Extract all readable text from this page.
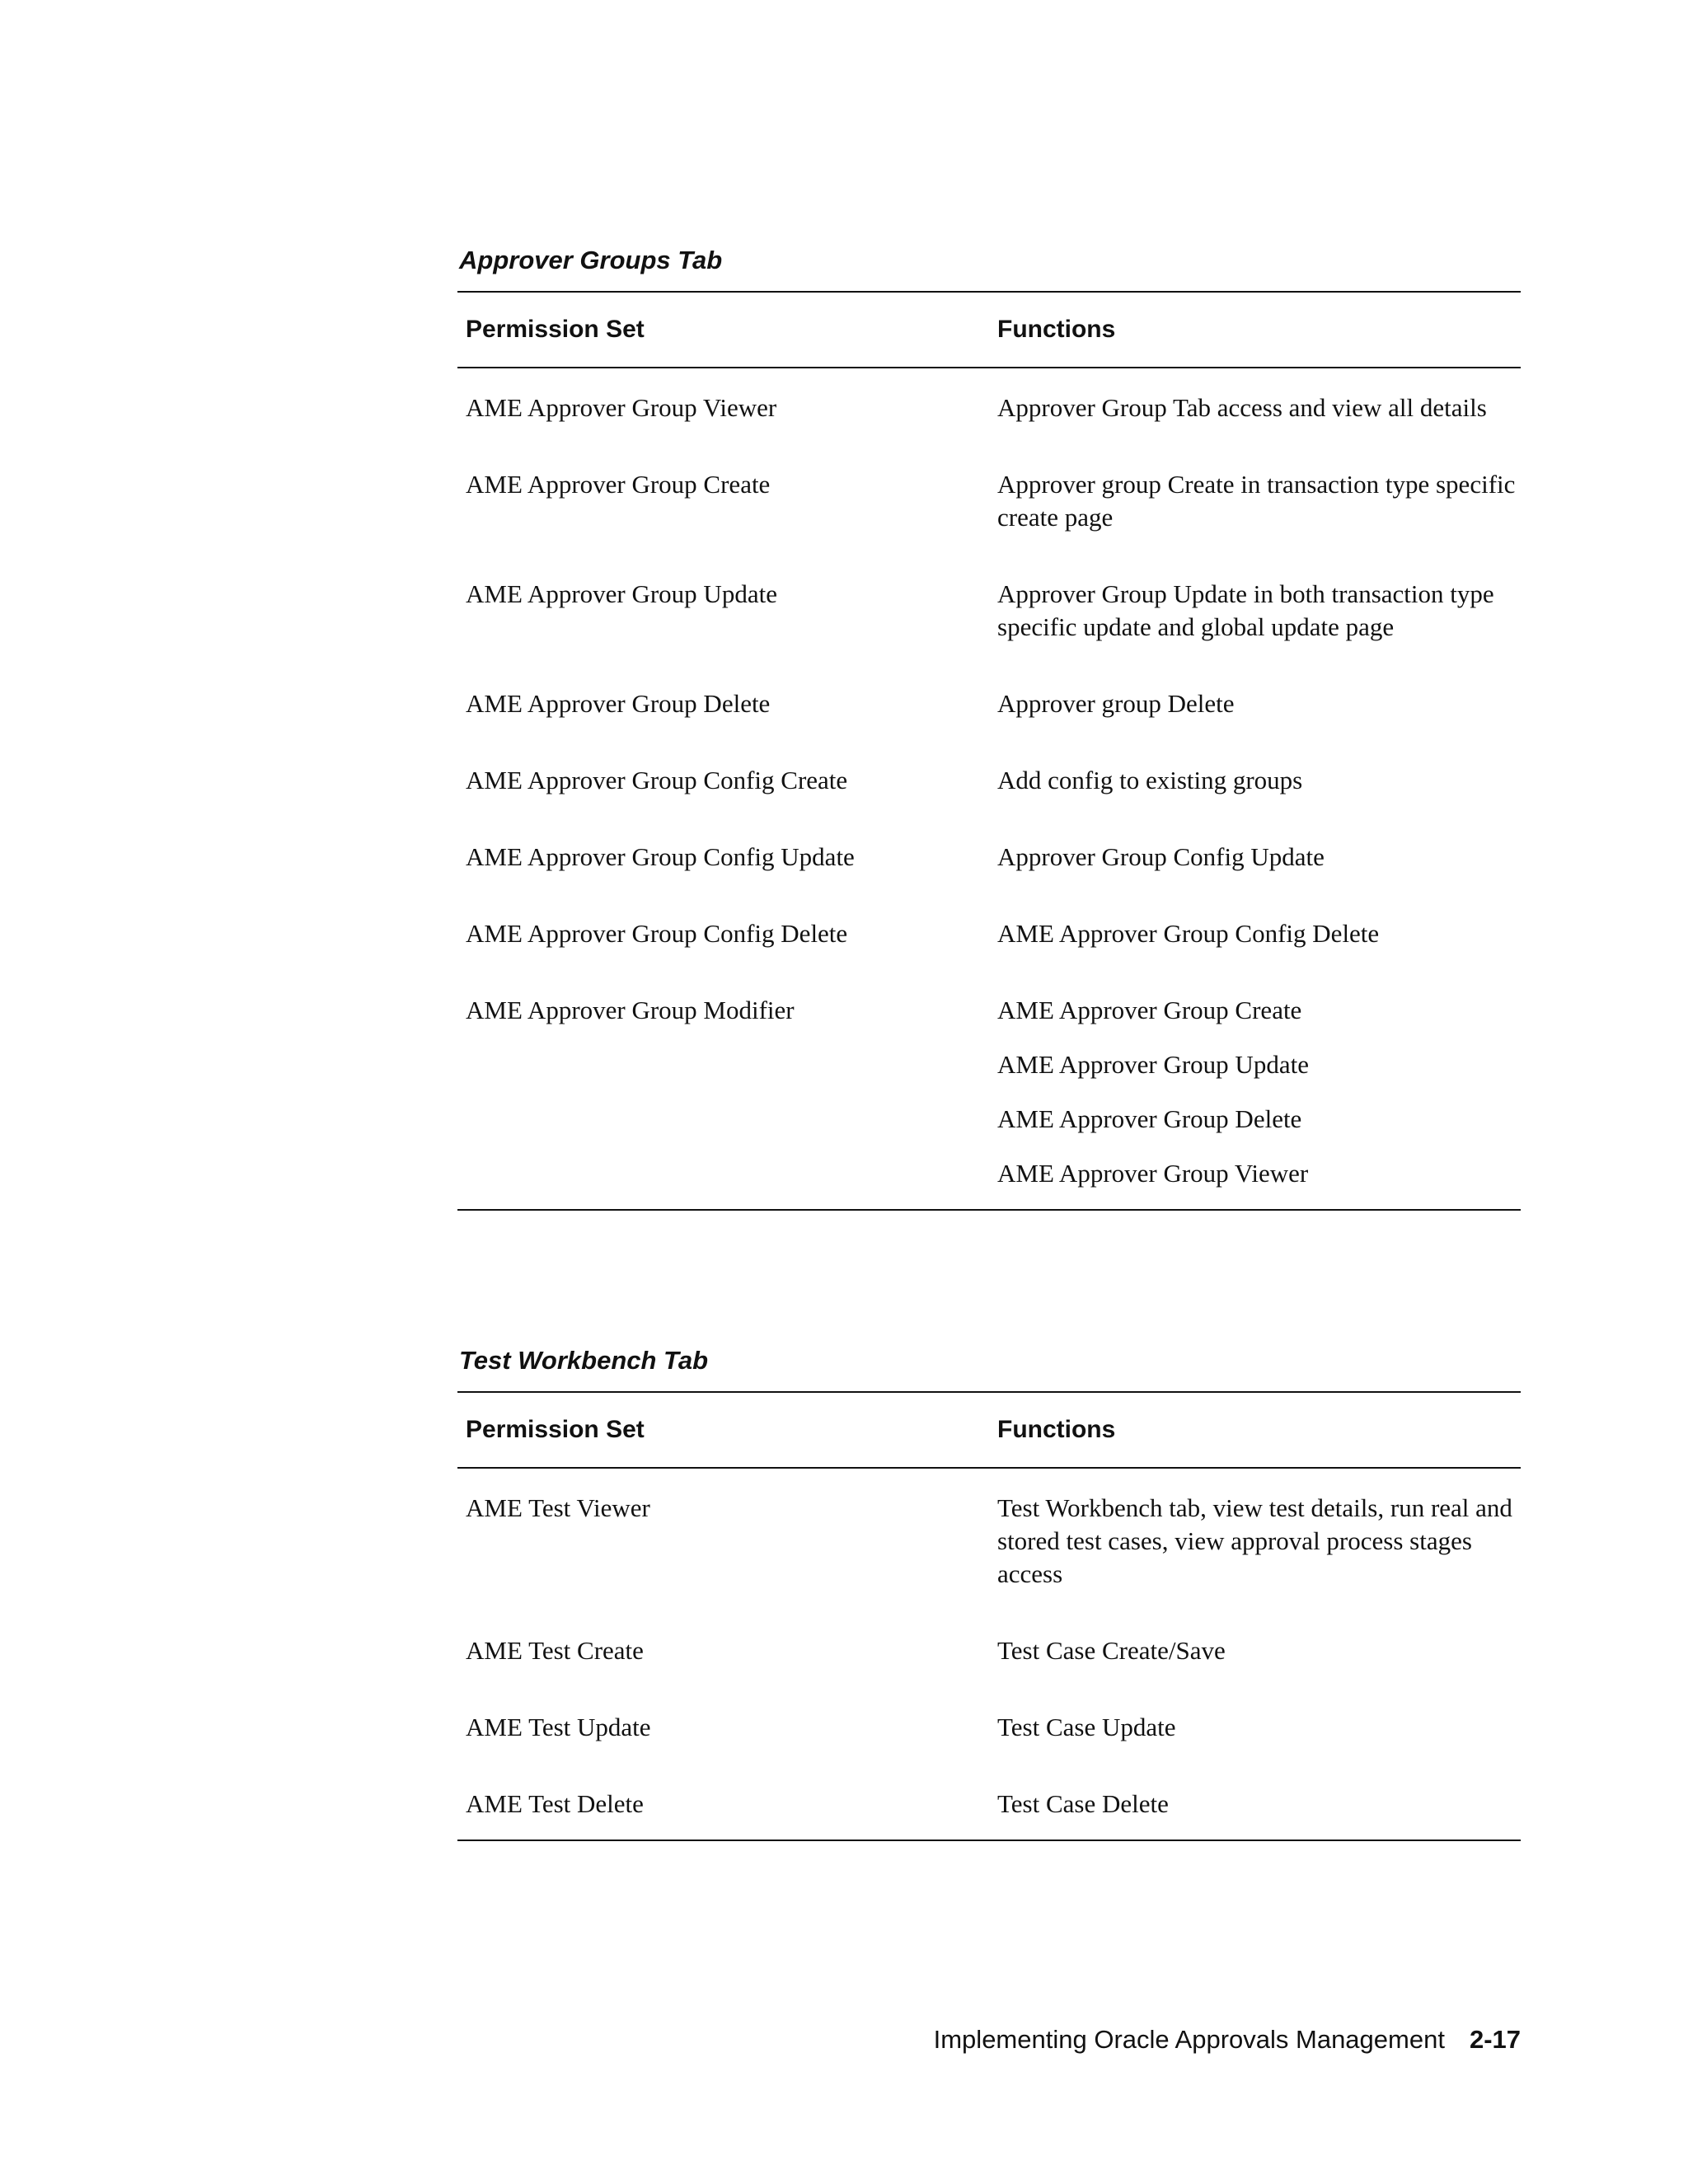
Approver Groups Tab
Permission Set	Functions
AME Approver Group Viewer	Approver Group Tab access and view all details

AME Approver Group Create	Approver group Create in transaction type specific create page

AME Approver Group Update	Approver Group Update in both transaction type specific update and global update page

AME Approver Group Delete	Approver group Delete

AME Approver Group Config Create	Add config to existing groups

AME Approver Group Config Update	Approver Group Config Update

AME Approver Group Config Delete	AME Approver Group Config Delete

AME Approver Group Modifier	AME Approver Group Create
AME Approver Group Update
AME Approver Group Delete
AME Approver Group Viewer
Test Workbench Tab
Permission Set	Functions
AME Test Viewer	Test Workbench tab, view test details, run real and stored test cases, view approval process stages access

AME Test Create	Test Case Create/Save

AME Test Update	Test Case Update

AME Test Delete	Test Case Delete
Implementing Oracle Approvals Management 2-17
